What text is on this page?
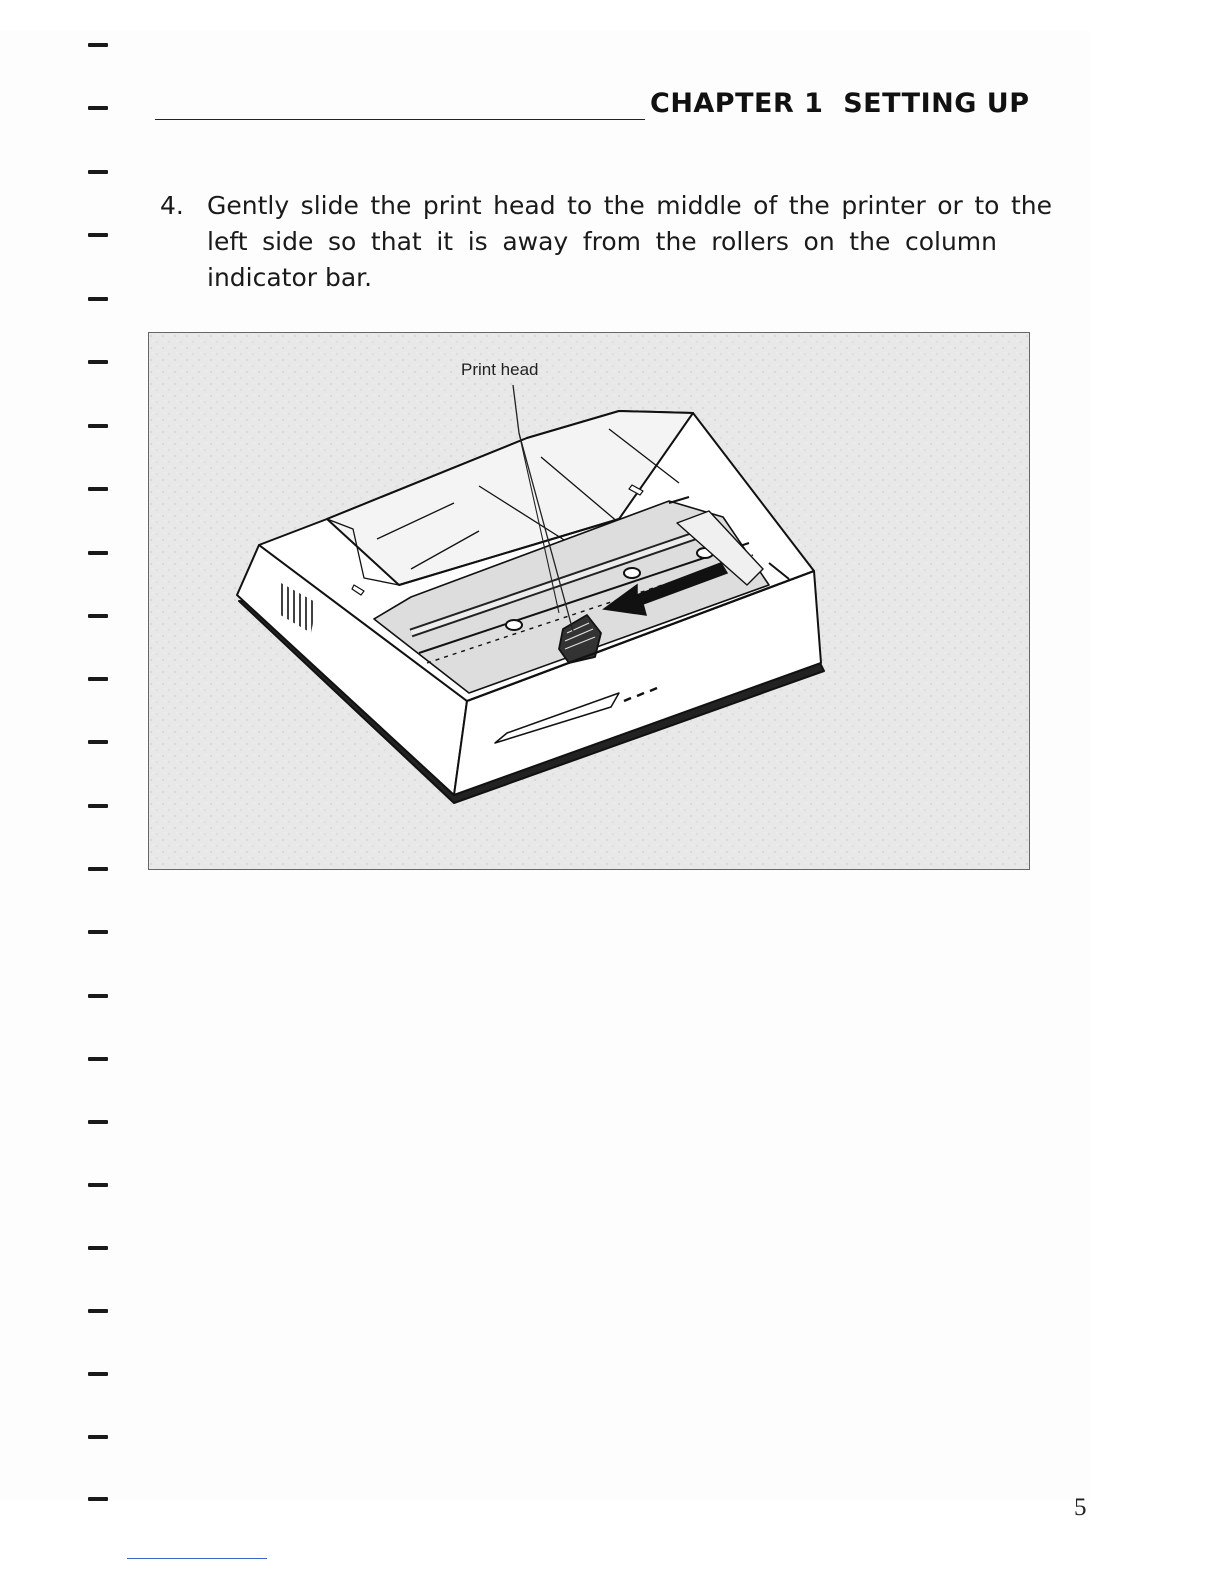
CHAPTER 1  SETTING UP
4. Gently slide the print head to the middle of the printer or to the
left side so that it is away from the rollers on the column
indicator bar.
Print head
5
